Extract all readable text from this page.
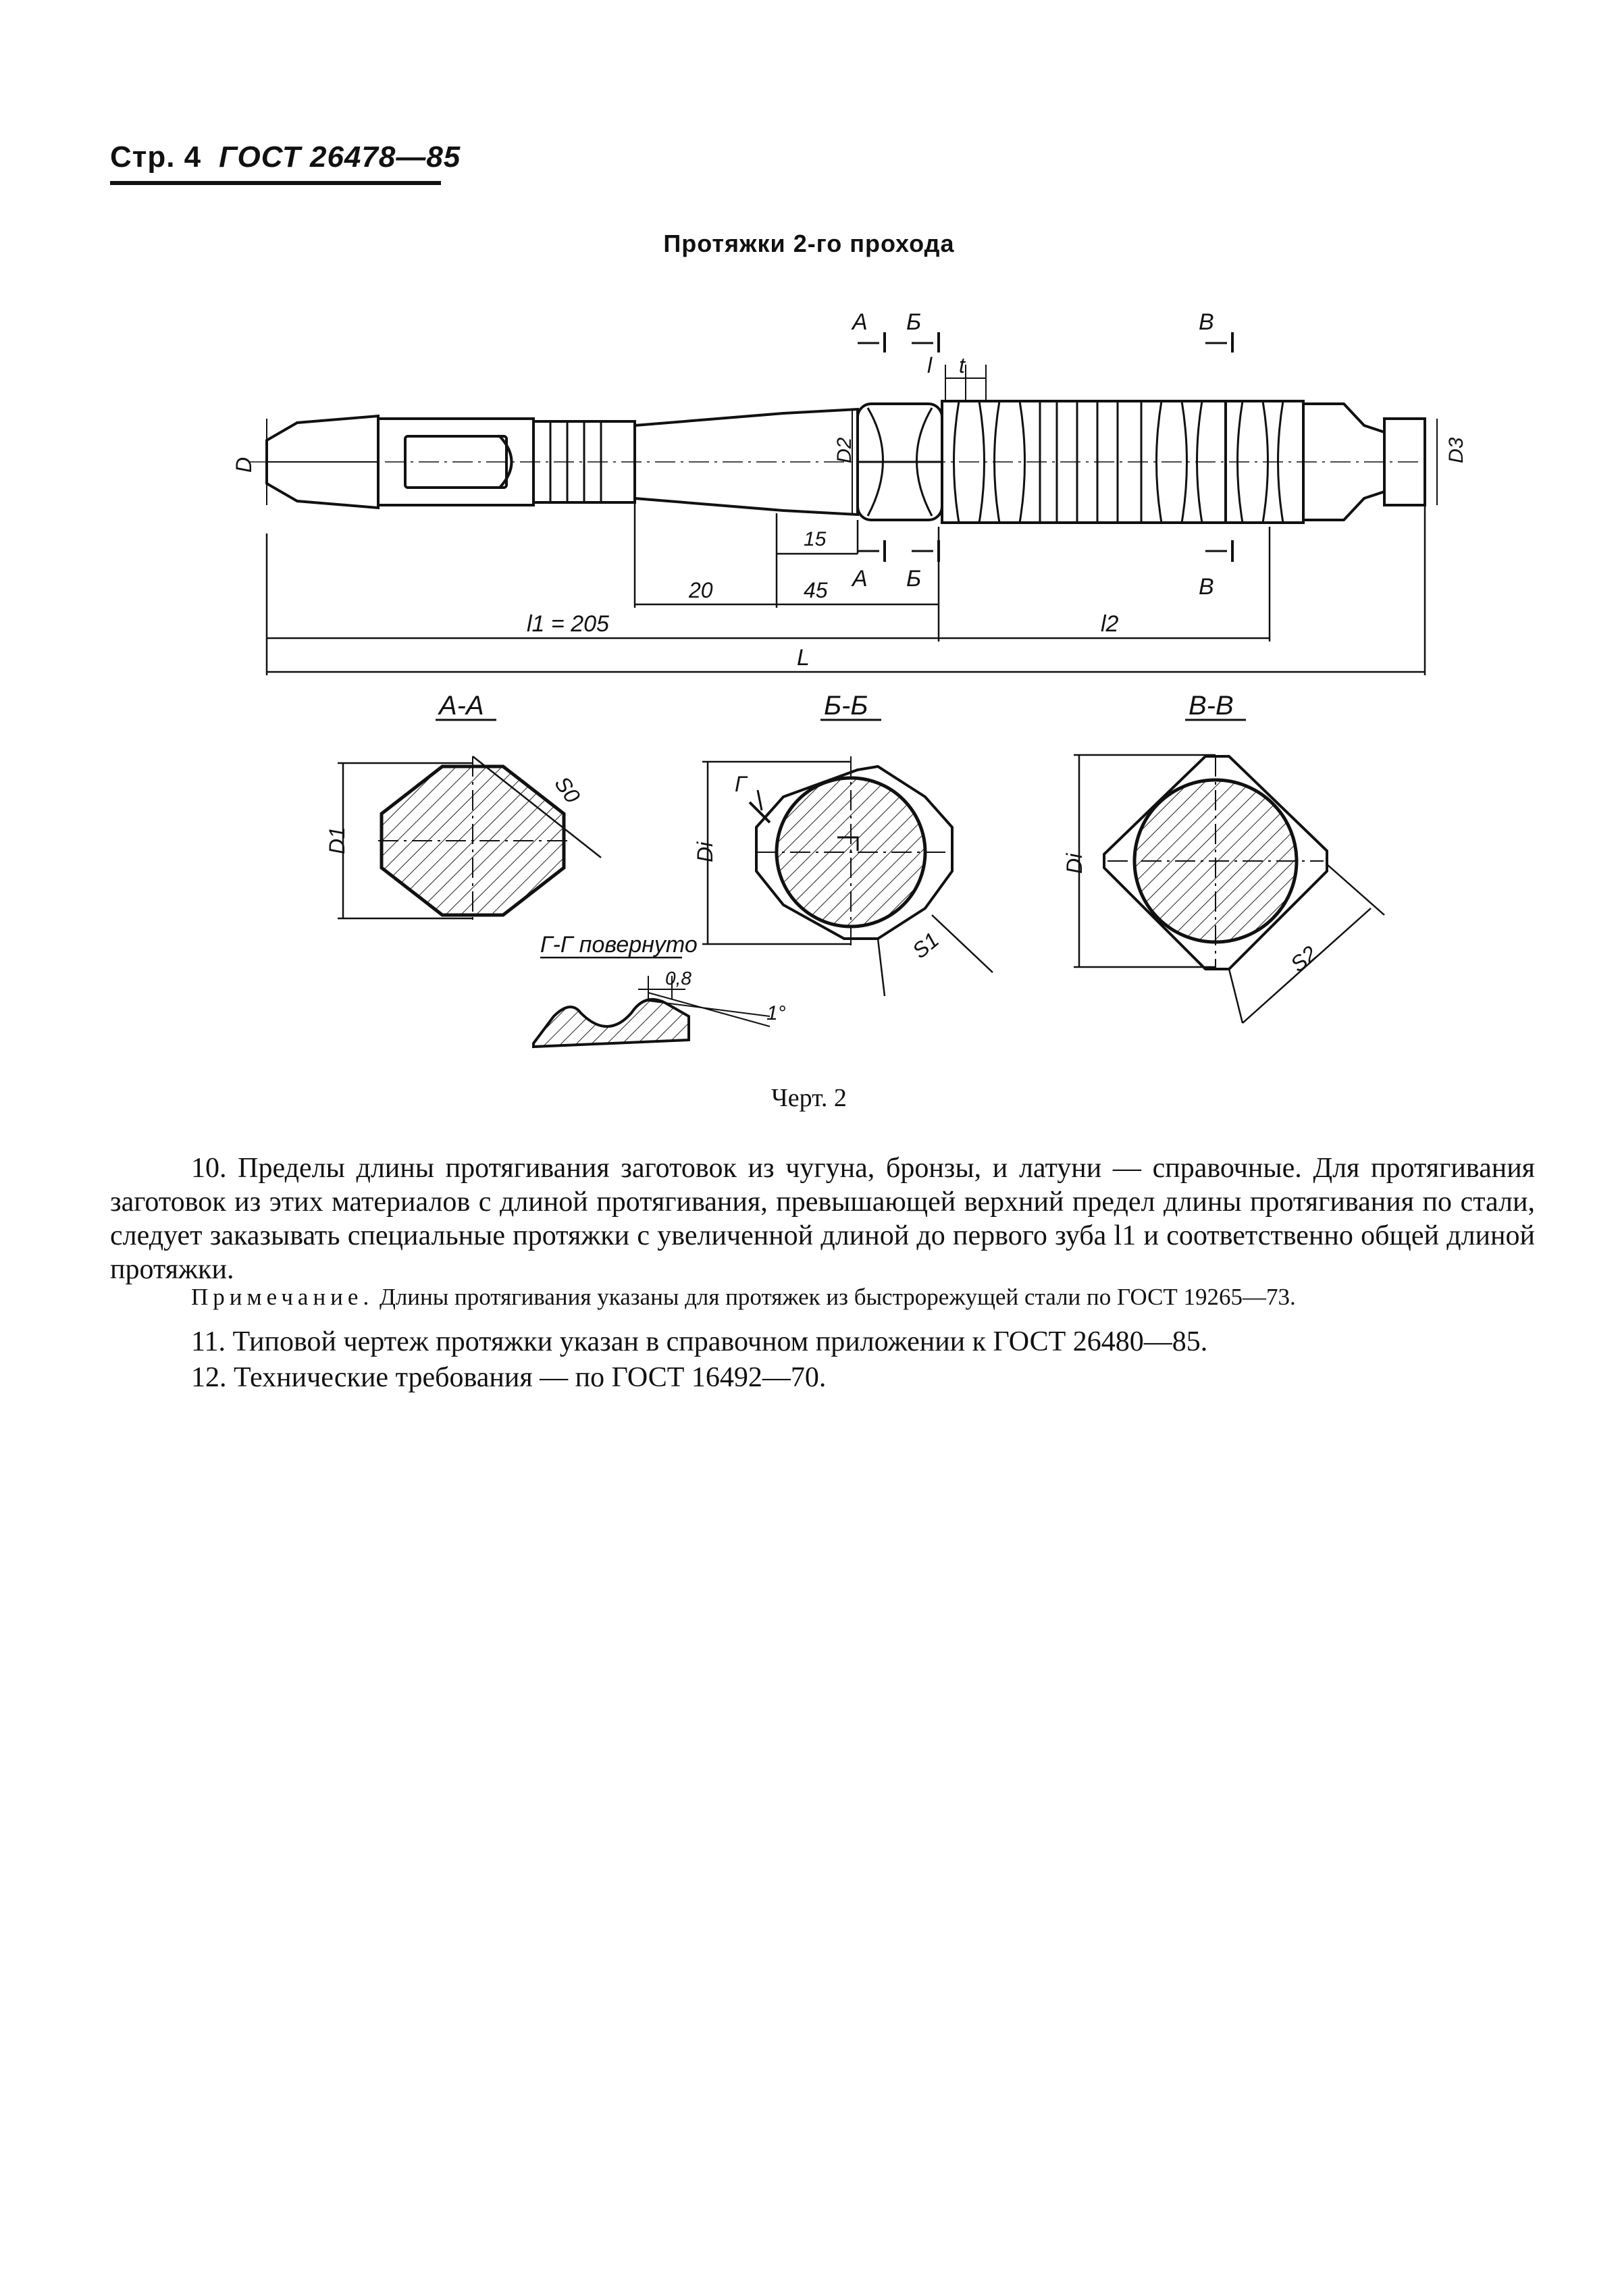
Стр. 4 ГОСТ 26478—85
Протяжки 2-го прохода
А Б	В
А Б	В
l t
D
D2	D3
15
20	45
l1 = 205	l2
L
А-А
D1
S0
Б-Б
Di
S1
Г
В-В
Di
S2
Г-Г повернуто
0,8
1°
Черт. 2
10. Пределы длины протягивания заготовок из чугуна, бронзы, и латуни — справочные. Для протягивания заготовок из этих материалов с длиной протягивания, превышающей верхний предел длины протягивания по стали, следует заказывать специальные протяжки с увеличенной длиной до первого зуба l1 и соответственно общей длиной протяжки.
Примечание. Длины протягивания указаны для протяжек из быстрорежущей стали по ГОСТ 19265—73.
11. Типовой чертеж протяжки указан в справочном приложении к ГОСТ 26480—85.
12. Технические требования — по ГОСТ 16492—70.
